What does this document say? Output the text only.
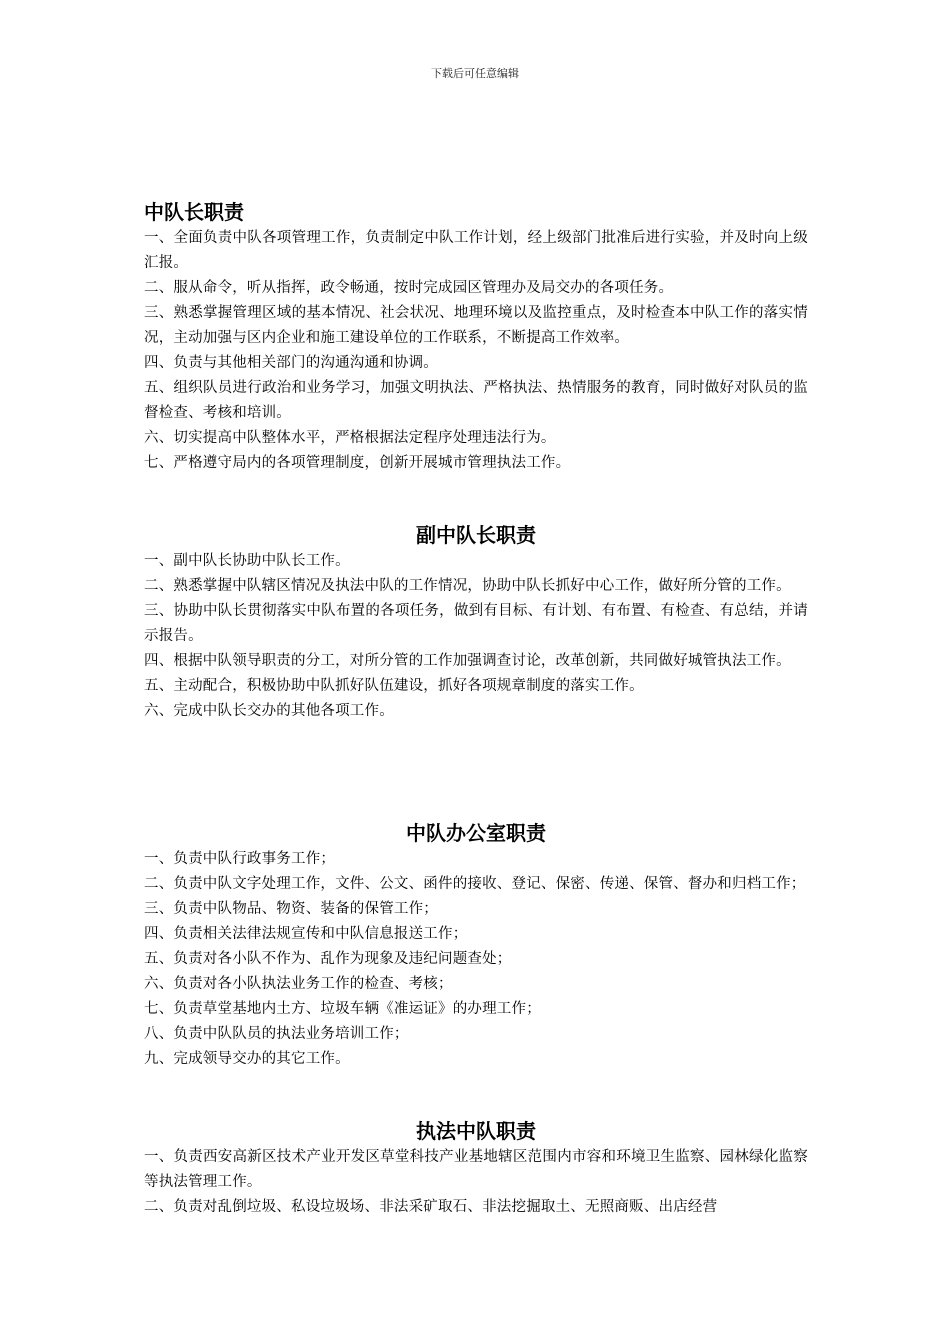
下载后可任意编辑
中队长职责
一、全面负责中队各项管理工作，负责制定中队工作计划，经上级部门批准后进行实验，并及时向上级汇报。
二、服从命令，听从指挥，政令畅通，按时完成园区管理办及局交办的各项任务。
三、熟悉掌握管理区域的基本情况、社会状况、地理环境以及监控重点，及时检查本中队工作的落实情况，主动加强与区内企业和施工建设单位的工作联系，不断提高工作效率。
四、负责与其他相关部门的沟通沟通和协调。
五、组织队员进行政治和业务学习，加强文明执法、严格执法、热情服务的教育，同时做好对队员的监督检查、考核和培训。
六、切实提高中队整体水平，严格根据法定程序处理违法行为。
七、严格遵守局内的各项管理制度，创新开展城市管理执法工作。
副中队长职责
一、副中队长协助中队长工作。
二、熟悉掌握中队辖区情况及执法中队的工作情况，协助中队长抓好中心工作，做好所分管的工作。
三、协助中队长贯彻落实中队布置的各项任务，做到有目标、有计划、有布置、有检查、有总结，并请示报告。
四、根据中队领导职责的分工，对所分管的工作加强调查讨论，改革创新，共同做好城管执法工作。
五、主动配合，积极协助中队抓好队伍建设，抓好各项规章制度的落实工作。
六、完成中队长交办的其他各项工作。
中队办公室职责
一、负责中队行政事务工作；
二、负责中队文字处理工作，文件、公文、函件的接收、登记、保密、传递、保管、督办和归档工作；
三、负责中队物品、物资、装备的保管工作；
四、负责相关法律法规宣传和中队信息报送工作；
五、负责对各小队不作为、乱作为现象及违纪问题查处；
六、负责对各小队执法业务工作的检查、考核；
七、负责草堂基地内土方、垃圾车辆《准运证》的办理工作；
八、负责中队队员的执法业务培训工作；
九、完成领导交办的其它工作。
执法中队职责
一、负责西安高新区技术产业开发区草堂科技产业基地辖区范围内市容和环境卫生监察、园林绿化监察等执法管理工作。
二、负责对乱倒垃圾、私设垃圾场、非法采矿取石、非法挖掘取土、无照商贩、出店经营
